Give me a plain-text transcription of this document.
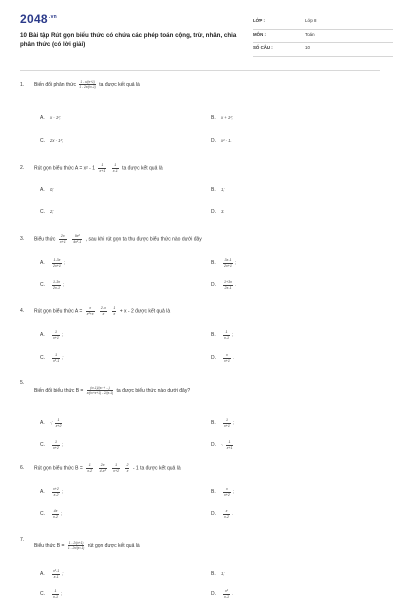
$2048^{.vn}$
10 Bài tập Rút gọn biểu thức có chứa các phép toán cộng, trừ, nhân, chia phân thức (có lời giải)
LỚP :	Lớp 8
MÔN :	Toán
SỐ CÂU :	10
1. Biến đổi phân thức $\frac{1 - x/(x+1)}{\text{1 - 2x/(x²-1)}}$ ta được kết quả là
A. x - 1²;	B. x + 1²;
C. 2x - 1²;	D. x² - 1.
2. Rút gọn biểu thức $A = x^2 - 1 \frac{1}{x+1}$
$\frac{1}{x-1}$ ta được kết quả là
A. 0;	B. 1;
C. 2;	D. 3.
3. Biểu thức $\frac{2x}{x+1}$
$\frac{\text{9x²}}{\text{4x²-1}}$ , sau khi rút gọn ta thu được biểu thức nào dưới đây
A. $\frac{1-3x}{2x+1}$ ;	B. $\frac{3x-1}{2x+1}$ ;
C. $\frac{1-3x}{2x-1}$ ;	D. $\frac{1+3x}{2x-1}$ .
4. Rút gọn biểu thức $A = \frac{x}{\text{x²+x}}$
$\frac{2-x}{x}$
$\frac{1}{x} + x - 2$ được kết quả là
A. $\frac{1}{x+1}$ ;	B. $\frac{1}{x-1}$ ;
C. $\frac{1}{\text{x²-1}}$ ;	D. $\frac{x}{x+1}$ .
5.
Biến đổi biểu thức $B = \frac{\text{(x²-1)/(x² + ...)}}{\text{x/(x²+x+1) - 2/(x-1)}}$ ta được biểu thức nào dưới đây?
A. -; $\frac{1}{x+2}$	B. $\frac{1}{x+1}$ ;
C. $\frac{1}{x+2}$ ;	D. -. $\frac{1}{x+1}$
6. Rút gọn biểu thức $B = \frac{1}{x-2}$
$\frac{2x}{\text{4-x²}}$
$\frac{1}{x+2}$
$\frac{2}{x} - 1$ ta được kết quả là
A. $\frac{x+2}{x-2}$ ;	B. $\frac{x}{x+2}$ ;
C. $\frac{4x}{x-2}$ ;	D. $\frac{x}{x-2}$ .
7.
Biểu thức $B = \frac{1 - 2/(x+1)}{\text{1 - 2x/(x²-1)}}$ rút gọn được kết quả là
A. $\frac{\text{x²-1}}{x-1}$ ;	B. 1;
C. $\frac{1}{x-1}$ ;	D. $\frac{\text{x²}}{x-1}$ .
